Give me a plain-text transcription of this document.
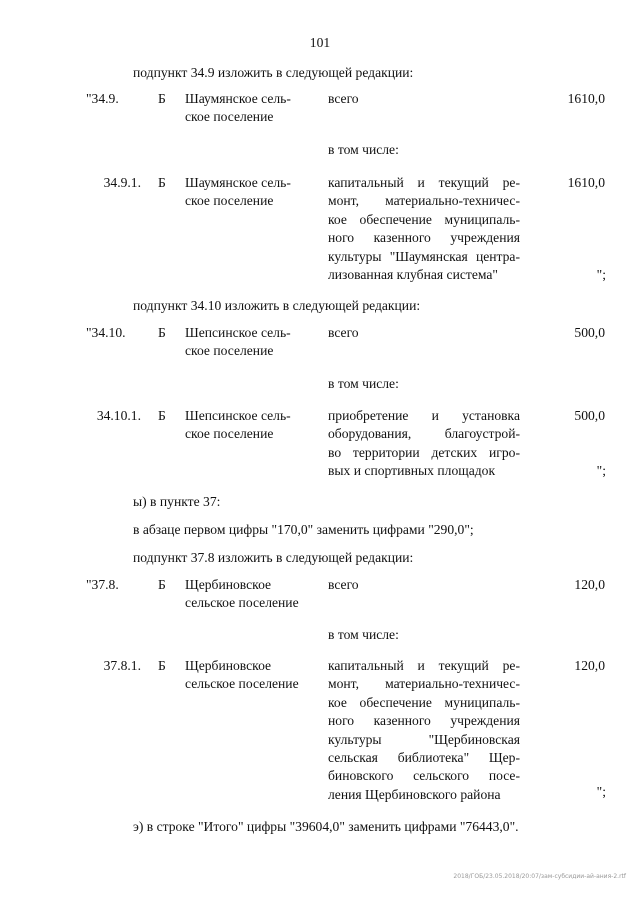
101
подпункт 34.9 изложить в следующей редакции:
"34.9.	Б	Шаумянское сель-
ское поселение
всего	1610,0
в том числе:
34.9.1. Б	Шаумянское сель-
ское поселение
капитальный и текущий ре-
монт, материально-техничес-
кое обеспечение муниципаль-
ного казенного учреждения
культуры "Шаумянская центра-
лизованная клубная система"
1610,0
";
подпункт 34.10 изложить в следующей редакции:
"34.10.	Б	Шепсинское сель-
ское поселение
всего	500,0
в том числе:
34.10.1. Б	Шепсинское сель-
ское поселение
приобретение и установка
оборудования, благоустрой-
во территории детских игро-
вых и спортивных площадок
500,0
";
ы) в пункте 37:
в абзаце первом цифры "170,0" заменить цифрами "290,0";
подпункт 37.8 изложить в следующей редакции:
"37.8.	Б	Щербиновское
сельское поселение
всего	120,0
в том числе:
37.8.1. Б	Щербиновское
сельское поселение
капитальный и текущий ре-
монт, материально-техничес-
кое обеспечение муниципаль-
ного казенного учреждения
культуры "Щербиновская
сельская библиотека" Щер-
биновского сельского посе-
ления Щербиновского района
120,0
";
э) в строке "Итого" цифры "39604,0" заменить цифрами "76443,0".
2018/ГОБ/23.05.2018/20:07/зам-субсидии-ай-ания-2.rtf
